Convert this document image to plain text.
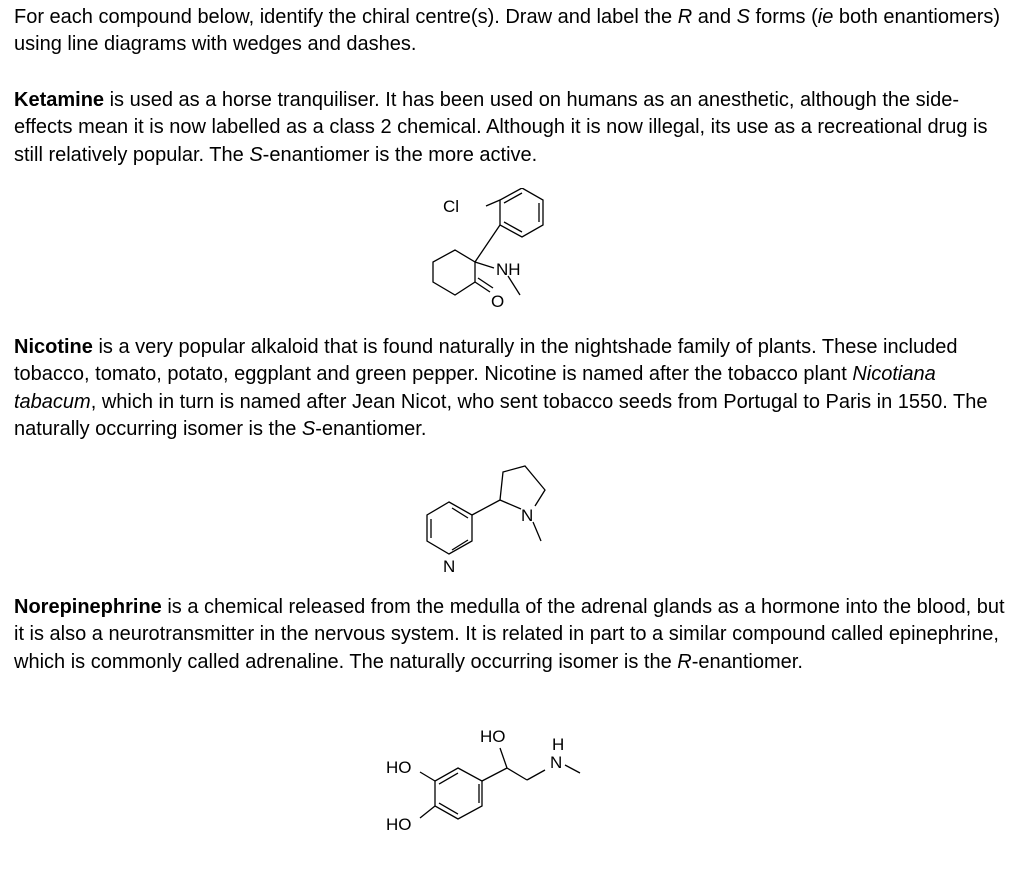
For each compound below, identify the chiral centre(s). Draw and label the R and S forms (ie both enantiomers) using line diagrams with wedges and dashes.

Ketamine is used as a horse tranquiliser. It has been used on humans as an anesthetic, although the side-effects mean it is now labelled as a class 2 chemical. Although it is now illegal, its use as a recreational drug is still relatively popular. The S-enantiomer is the more active.

Cl
NH
O

Nicotine is a very popular alkaloid that is found naturally in the nightshade family of plants. These included tobacco, tomato, potato, eggplant and green pepper. Nicotine is named after the tobacco plant Nicotiana tabacum, which in turn is named after Jean Nicot, who sent tobacco seeds from Portugal to Paris in 1550. The naturally occurring isomer is the S-enantiomer.

N
N

Norepinephrine is a chemical released from the medulla of the adrenal glands as a hormone into the blood, but it is also a neurotransmitter in the nervous system. It is related in part to a similar compound called epinephrine, which is commonly called adrenaline. The naturally occurring isomer is the R-enantiomer.

HO
HO
HO
H
N
